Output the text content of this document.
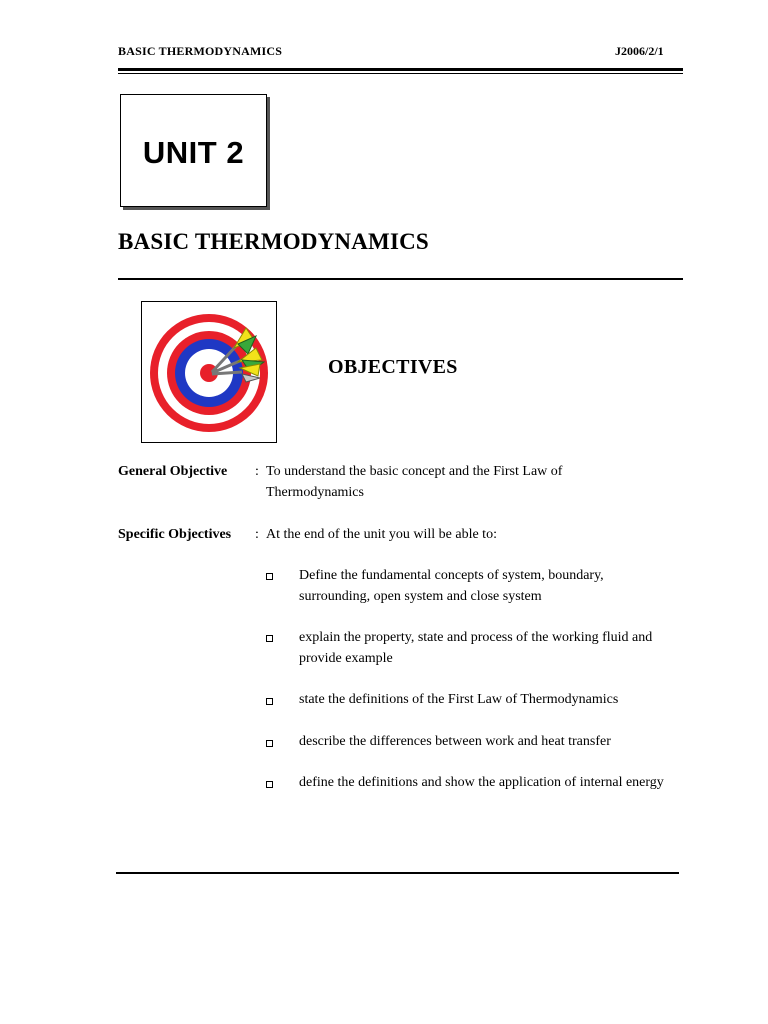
BASIC THERMODYNAMICS	J2006/2/1
UNIT 2
BASIC THERMODYNAMICS
OBJECTIVES
General Objective : To understand the basic concept and the First Law of Thermodynamics
Specific Objectives : At the end of the unit you will be able to:
Define the fundamental concepts of system, boundary, surrounding, open system and close system
explain the property, state and process of the working fluid and provide example
state the definitions of the First Law of Thermodynamics
describe the differences between work and heat transfer
define the definitions and show the application of internal energy
